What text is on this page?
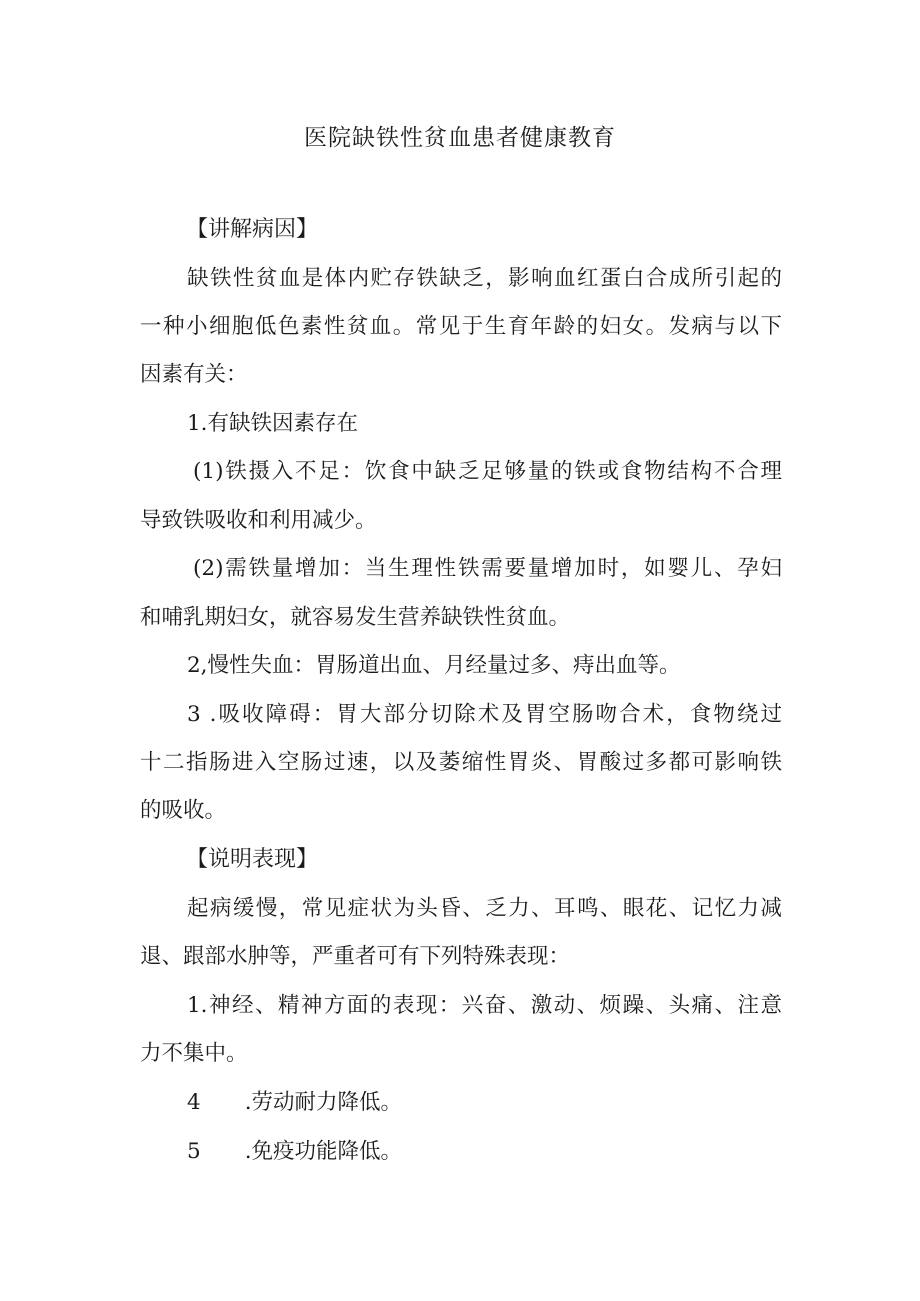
医院缺铁性贫血患者健康教育
【讲解病因】
缺铁性贫血是体内贮存铁缺乏，影响血红蛋白合成所引起的
一种小细胞低色素性贫血。常见于生育年龄的妇女。发病与以下
因素有关：
1.有缺铁因素存在
(1)铁摄入不足：饮食中缺乏足够量的铁或食物结构不合理
导致铁吸收和利用减少。
(2)需铁量增加：当生理性铁需要量增加时，如婴儿、孕妇
和哺乳期妇女，就容易发生营养缺铁性贫血。
2,慢性失血：胃肠道出血、月经量过多、痔出血等。
3 .吸收障碍：胃大部分切除术及胃空肠吻合术，食物绕过
十二指肠进入空肠过速，以及萎缩性胃炎、胃酸过多都可影响铁
的吸收。
【说明表现】
起病缓慢，常见症状为头昏、乏力、耳鸣、眼花、记忆力减
退、跟部水肿等，严重者可有下列特殊表现：
1.神经、精神方面的表现：兴奋、激动、烦躁、头痛、注意
力不集中。
4 .劳动耐力降低。
5 .免疫功能降低。
